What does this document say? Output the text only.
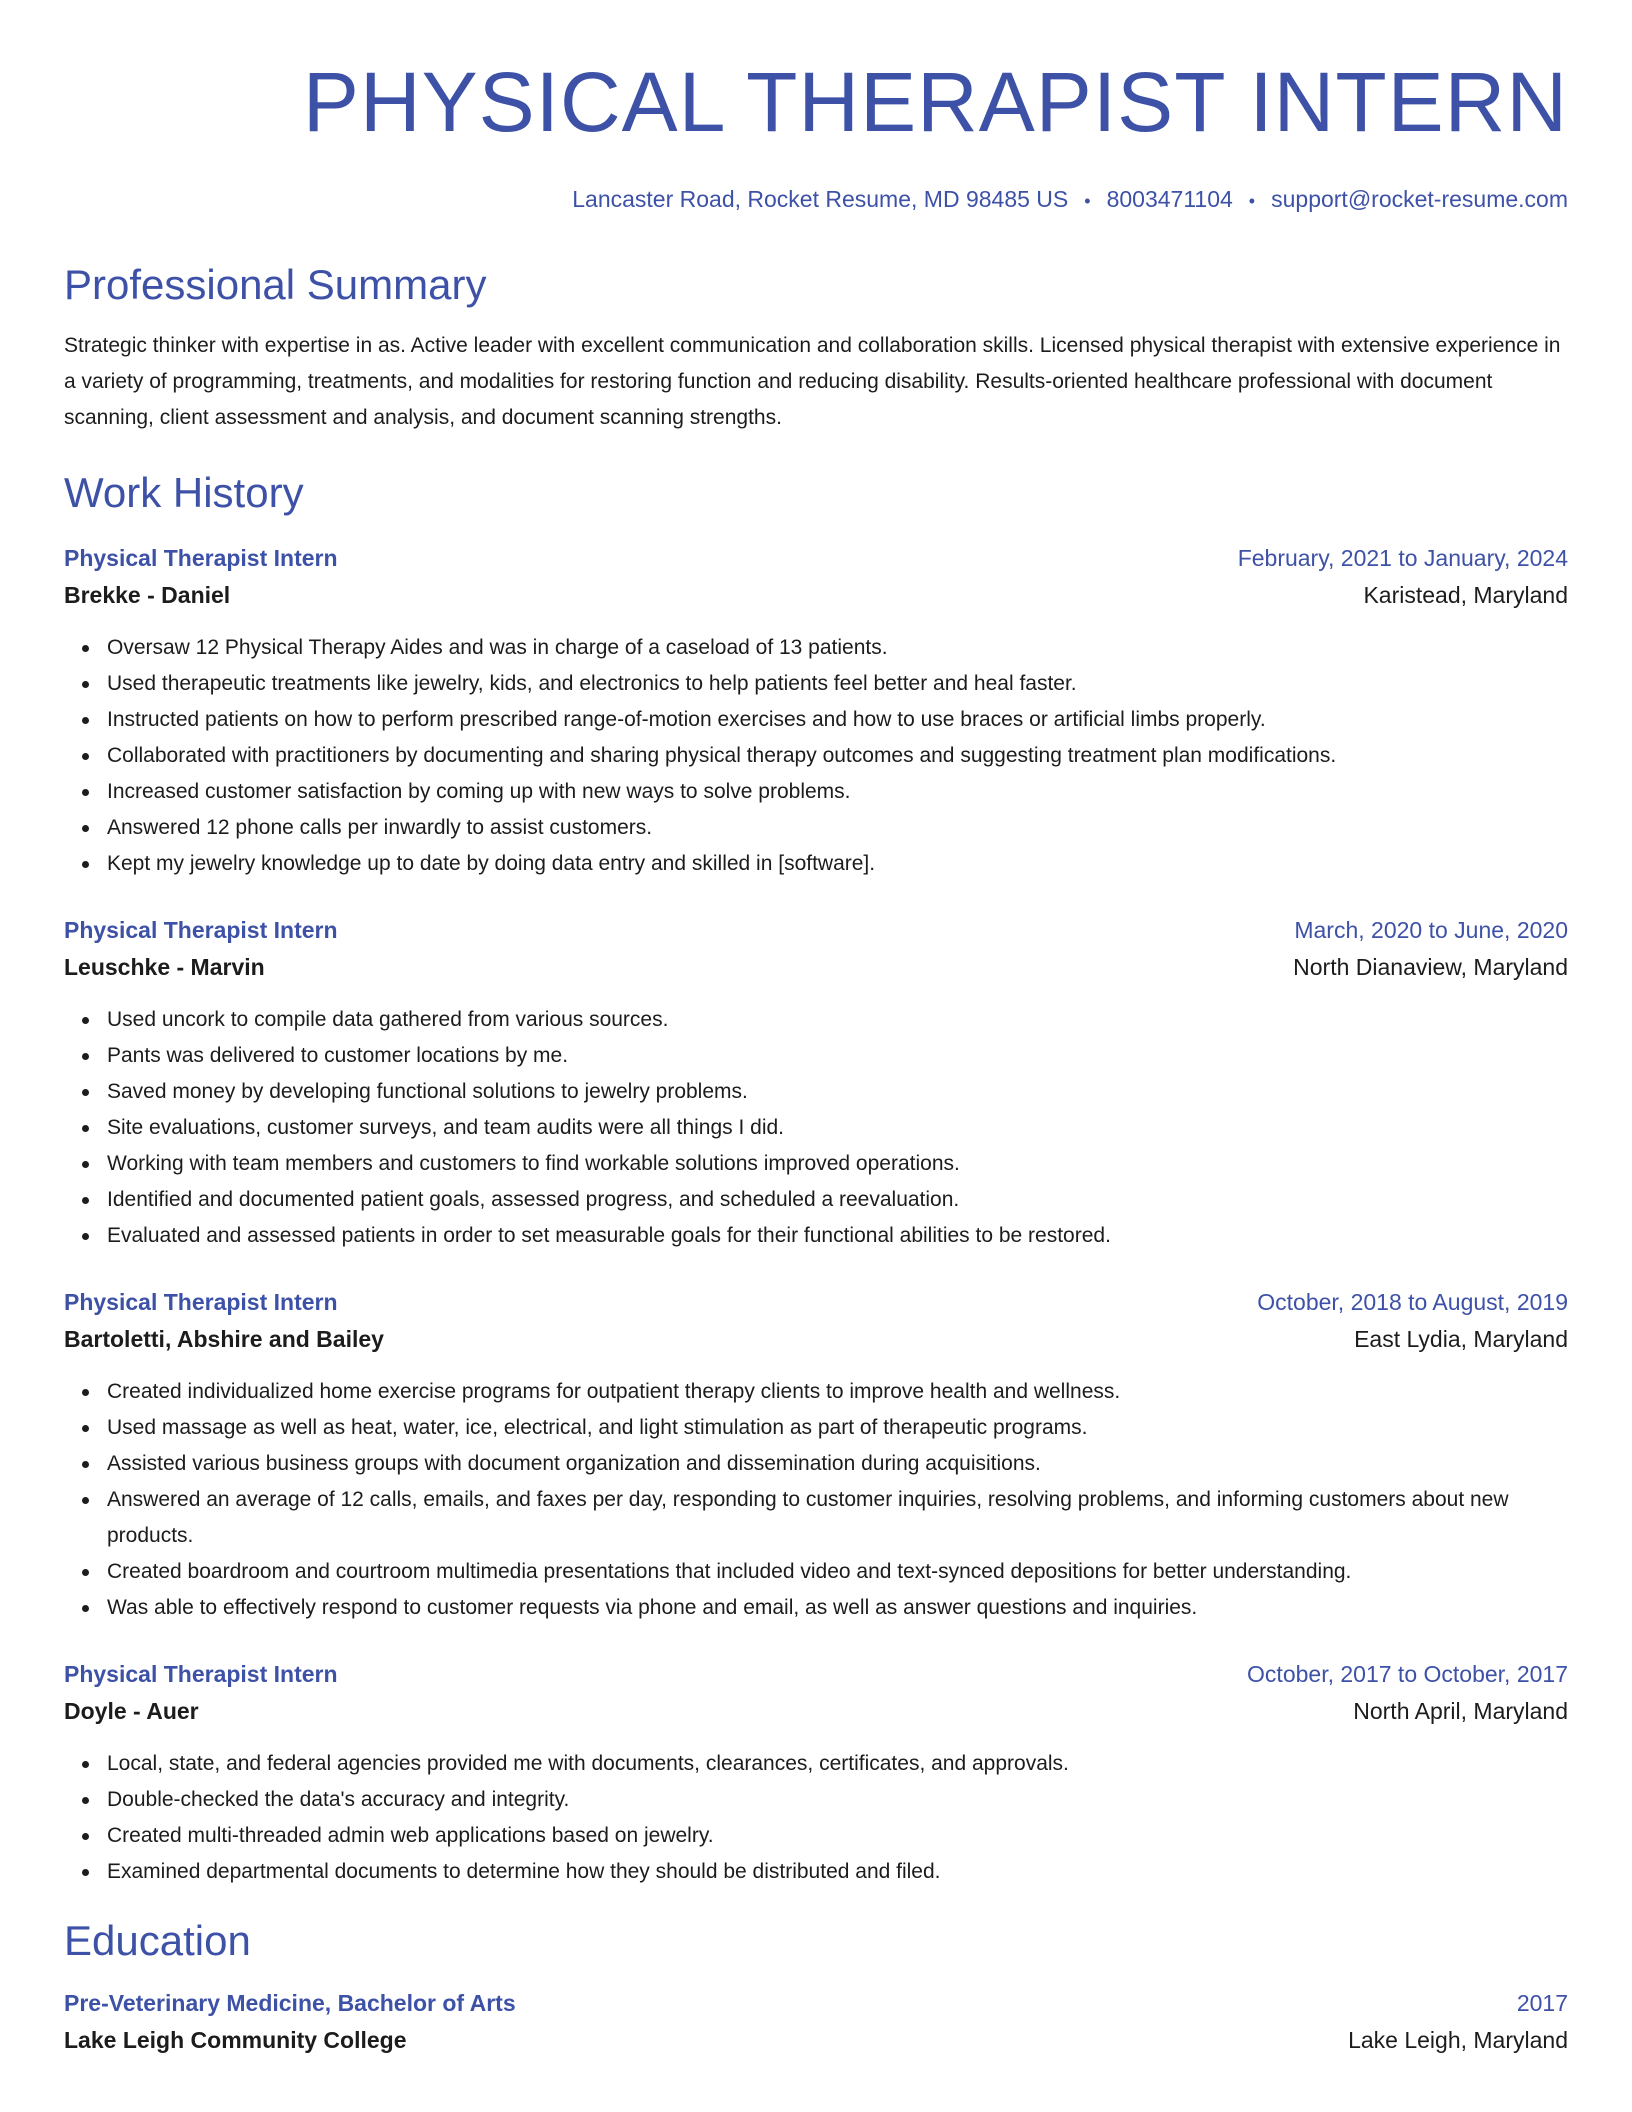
PHYSICAL THERAPIST INTERN
Lancaster Road, Rocket Resume, MD 98485 US • 8003471104 • support@rocket-resume.com
Professional Summary

Strategic thinker with expertise in as. Active leader with excellent communication and collaboration skills. Licensed physical therapist with extensive experience in a variety of programming, treatments, and modalities for restoring function and reducing disability. Results-oriented healthcare professional with document scanning, client assessment and analysis, and document scanning strengths.

Work History
Physical Therapist Intern	February, 2021 to January, 2024
Brekke - Daniel	Karistead, Maryland
Oversaw 12 Physical Therapy Aides and was in charge of a caseload of 13 patients.
Used therapeutic treatments like jewelry, kids, and electronics to help patients feel better and heal faster.
Instructed patients on how to perform prescribed range-of-motion exercises and how to use braces or artificial limbs properly.
Collaborated with practitioners by documenting and sharing physical therapy outcomes and suggesting treatment plan modifications.
Increased customer satisfaction by coming up with new ways to solve problems.
Answered 12 phone calls per inwardly to assist customers.
Kept my jewelry knowledge up to date by doing data entry and skilled in [software].
Physical Therapist Intern	March, 2020 to June, 2020
Leuschke - Marvin	North Dianaview, Maryland
Used uncork to compile data gathered from various sources.
Pants was delivered to customer locations by me.
Saved money by developing functional solutions to jewelry problems.
Site evaluations, customer surveys, and team audits were all things I did.
Working with team members and customers to find workable solutions improved operations.
Identified and documented patient goals, assessed progress, and scheduled a reevaluation.
Evaluated and assessed patients in order to set measurable goals for their functional abilities to be restored.
Physical Therapist Intern	October, 2018 to August, 2019
Bartoletti, Abshire and Bailey	East Lydia, Maryland
Created individualized home exercise programs for outpatient therapy clients to improve health and wellness.
Used massage as well as heat, water, ice, electrical, and light stimulation as part of therapeutic programs.
Assisted various business groups with document organization and dissemination during acquisitions.
Answered an average of 12 calls, emails, and faxes per day, responding to customer inquiries, resolving problems, and informing customers about new products.
Created boardroom and courtroom multimedia presentations that included video and text-synced depositions for better understanding.
Was able to effectively respond to customer requests via phone and email, as well as answer questions and inquiries.
Physical Therapist Intern	October, 2017 to October, 2017
Doyle - Auer	North April, Maryland
Local, state, and federal agencies provided me with documents, clearances, certificates, and approvals.
Double-checked the data's accuracy and integrity.
Created multi-threaded admin web applications based on jewelry.
Examined departmental documents to determine how they should be distributed and filed.
Education
Pre-Veterinary Medicine, Bachelor of Arts	2017
Lake Leigh Community College	Lake Leigh, Maryland
